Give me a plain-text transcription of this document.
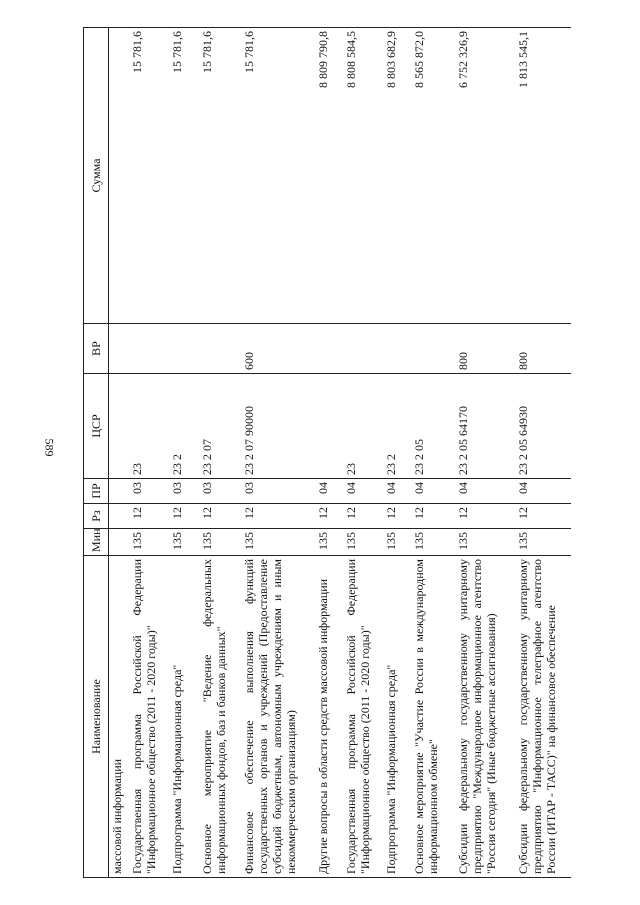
589
Наименование	Мин	Рз	ПР	ЦСР	ВР	Сумма
массовой информации						
Государственная программа Российской Федерации "Информационное общество (2011 - 2020 годы)"	135	12	03	23		15 781,6
Подпрограмма "Информационная среда"	135	12	03	23 2		15 781,6
Основное мероприятие "Ведение федеральных информационных фондов, баз и банков данных"	135	12	03	23 2 07		15 781,6
Финансовое обеспечение выполнения функций государственных органов и учреждений (Предоставление субсидий бюджетным, автономным учреждениям и иным некоммерческим организациям)	135	12	03	23 2 07 90000	600	15 781,6
Другие вопросы в области средств массовой информации	135	12	04			8 809 790,8
Государственная программа Российской Федерации "Информационное общество (2011 - 2020 годы)"	135	12	04	23		8 808 584,5
Подпрограмма "Информационная среда"	135	12	04	23 2		8 803 682,9
Основное мероприятие "Участие России в международном информационном обмене"	135	12	04	23 2 05		8 565 872,0
Субсидии федеральному государственному унитарному предприятию "Международное информационное агентство "Россия сегодня" (Иные бюджетные ассигнования)	135	12	04	23 2 05 64170	800	6 752 326,9
Субсидии федеральному государственному унитарному предприятию "Информационное телеграфное агентство России (ИТАР - ТАСС)" на финансовое обеспечение	135	12	04	23 2 05 64930	800	1 813 545,1
